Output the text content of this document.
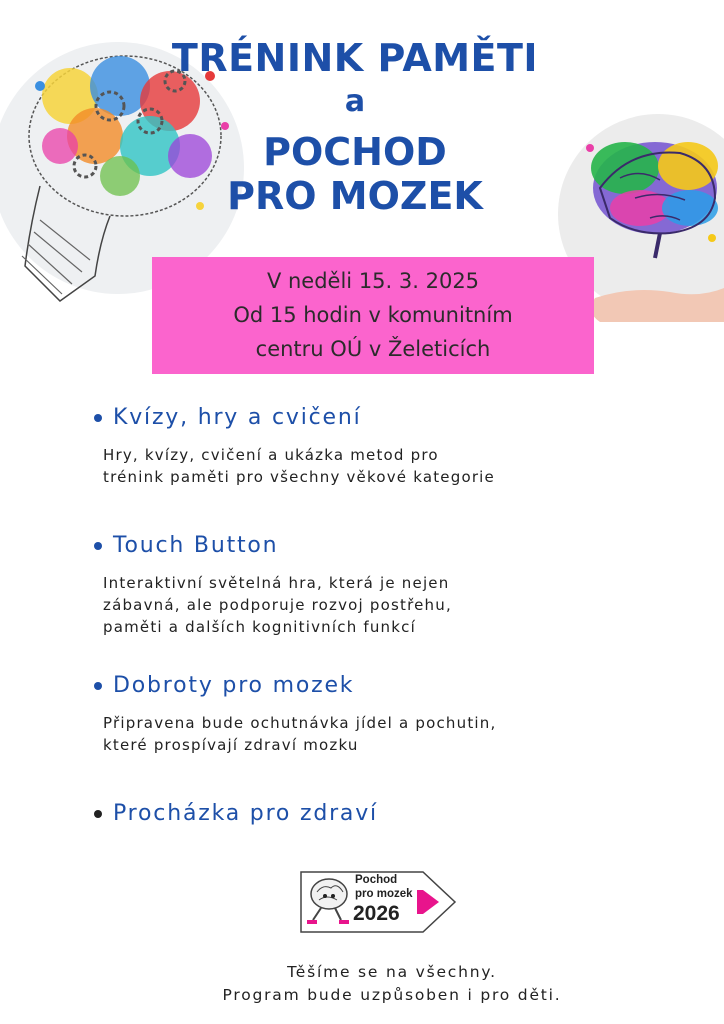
TRÉNINK PAMĚTI
a
POCHOD
PRO MOZEK
V neděli 15. 3. 2025
Od 15 hodin v komunitním
centru OÚ v Želeticích
Kvízy, hry a cvičení
Hry, kvízy, cvičení a ukázka metod pro
trénink paměti pro všechny věkové kategorie
Touch Button
Interaktivní světelná hra, která je nejen
zábavná, ale podporuje rozvoj postřehu,
paměti a dalších kognitivních funkcí
Dobroty pro mozek
Připravena bude ochutnávka jídel a pochutin,
které prospívají zdraví mozku
Procházka pro zdraví
Pochod
pro mozek
2026
Těšíme se na všechny.
Program bude uzpůsoben i pro děti.
